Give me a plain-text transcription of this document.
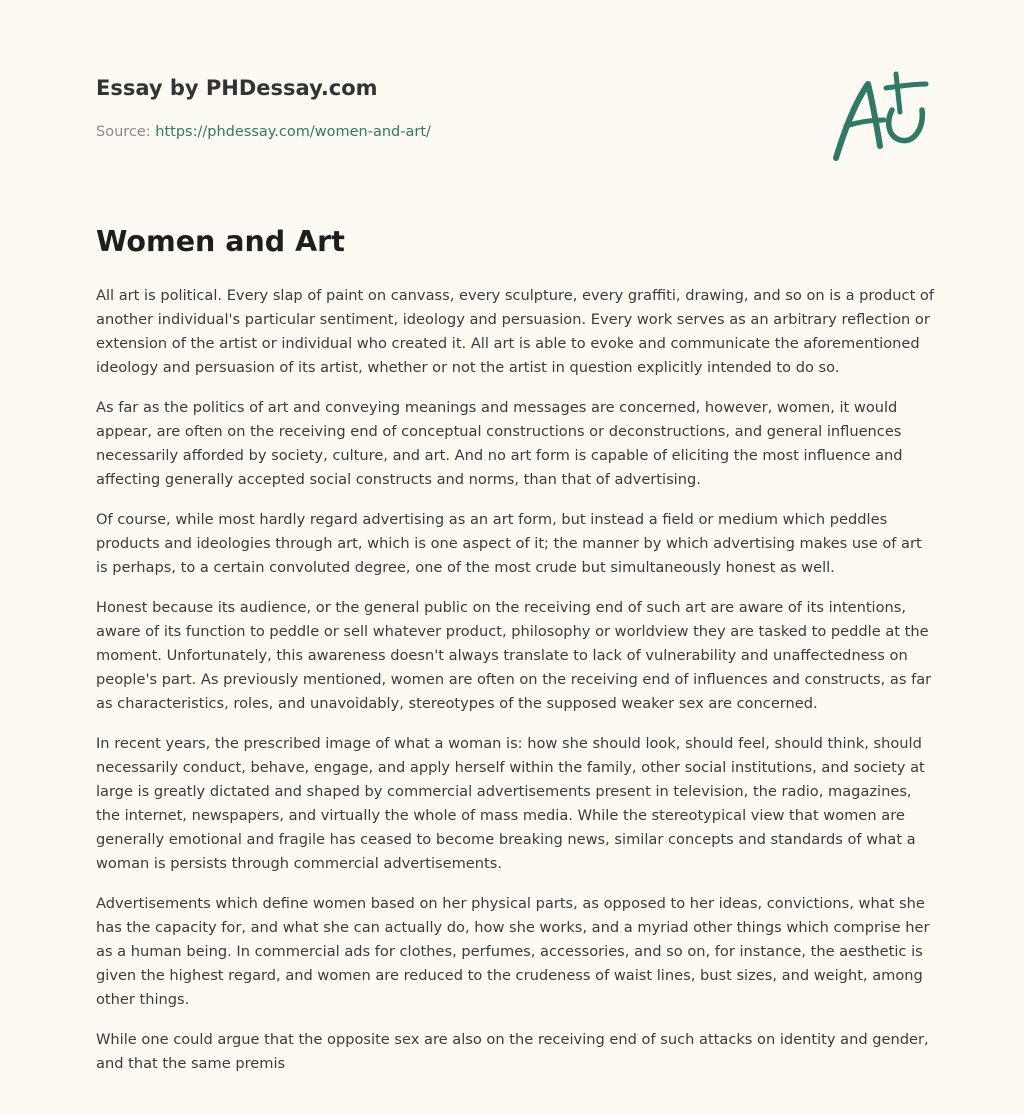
Essay by PHDessay.com

Source: https://phdessay.com/women-and-art/

Women and Art

All art is political. Every slap of paint on canvass, every sculpture, every graffiti, drawing, and so on is a product of another individual's particular sentiment, ideology and persuasion. Every work serves as an arbitrary reflection or extension of the artist or individual who created it. All art is able to evoke and communicate the aforementioned ideology and persuasion of its artist, whether or not the artist in question explicitly intended to do so.

As far as the politics of art and conveying meanings and messages are concerned, however, women, it would appear, are often on the receiving end of conceptual constructions or deconstructions, and general influences necessarily afforded by society, culture, and art. And no art form is capable of eliciting the most influence and affecting generally accepted social constructs and norms, than that of advertising.

Of course, while most hardly regard advertising as an art form, but instead a field or medium which peddles products and ideologies through art, which is one aspect of it; the manner by which advertising makes use of art is perhaps, to a certain convoluted degree, one of the most crude but simultaneously honest as well.

Honest because its audience, or the general public on the receiving end of such art are aware of its intentions, aware of its function to peddle or sell whatever product, philosophy or worldview they are tasked to peddle at the moment. Unfortunately, this awareness doesn't always translate to lack of vulnerability and unaffectedness on people's part. As previously mentioned, women are often on the receiving end of influences and constructs, as far as characteristics, roles, and unavoidably, stereotypes of the supposed weaker sex are concerned.

In recent years, the prescribed image of what a woman is: how she should look, should feel, should think, should necessarily conduct, behave, engage, and apply herself within the family, other social institutions, and society at large is greatly dictated and shaped by commercial advertisements present in television, the radio, magazines, the internet, newspapers, and virtually the whole of mass media. While the stereotypical view that women are generally emotional and fragile has ceased to become breaking news, similar concepts and standards of what a woman is persists through commercial advertisements.

Advertisements which define women based on her physical parts, as opposed to her ideas, convictions, what she has the capacity for, and what she can actually do, how she works, and a myriad other things which comprise her as a human being. In commercial ads for clothes, perfumes, accessories, and so on, for instance, the aesthetic is given the highest regard, and women are reduced to the crudeness of waist lines, bust sizes, and weight, among other things.

While one could argue that the opposite sex are also on the receiving end of such attacks on identity and gender, and that the same premis
